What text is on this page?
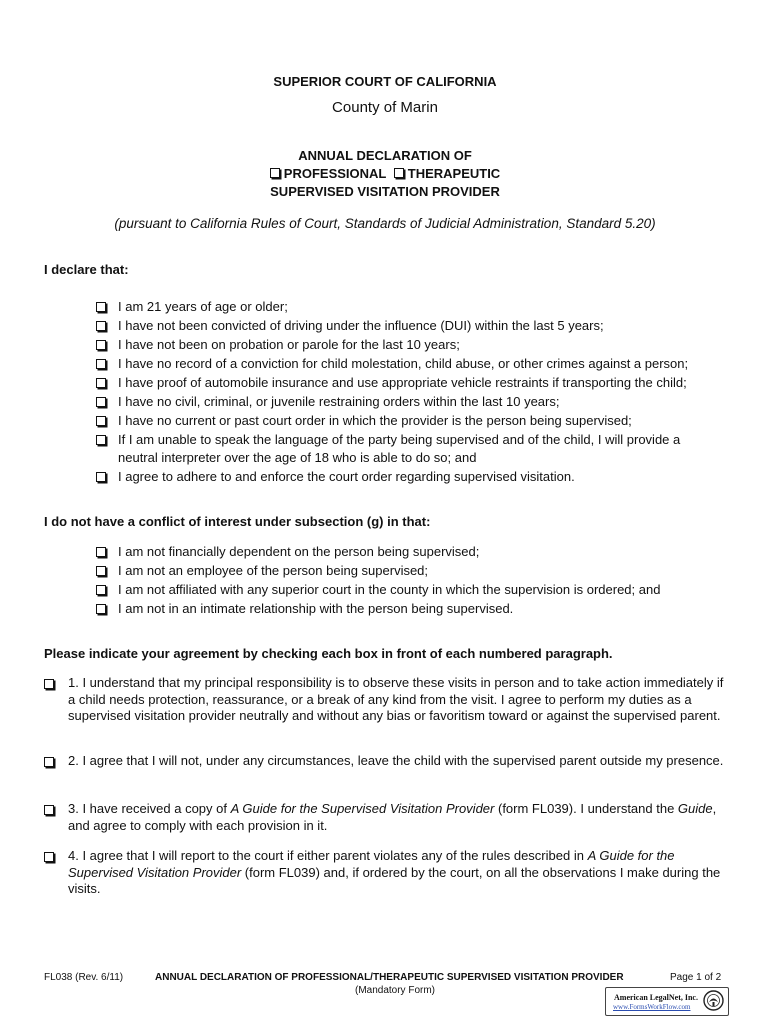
SUPERIOR COURT OF CALIFORNIA
County of Marin
ANNUAL DECLARATION OF
PROFESSIONAL THERAPEUTIC
SUPERVISED VISITATION PROVIDER
(pursuant to California Rules of Court, Standards of Judicial Administration, Standard 5.20)
I declare that:
I am 21 years of age or older;
I have not been convicted of driving under the influence (DUI) within the last 5 years;
I have not been on probation or parole for the last 10 years;
I have no record of a conviction for child molestation, child abuse, or other crimes against a person;
I have proof of automobile insurance and use appropriate vehicle restraints if transporting the child;
I have no civil, criminal, or juvenile restraining orders within the last 10 years;
I have no current or past court order in which the provider is the person being supervised;
If I am unable to speak the language of the party being supervised and of the child, I will provide a neutral interpreter over the age of 18 who is able to do so; and
I agree to adhere to and enforce the court order regarding supervised visitation.
I do not have a conflict of interest under subsection (g) in that:
I am not financially dependent on the person being supervised;
I am not an employee of the person being supervised;
I am not affiliated with any superior court in the county in which the supervision is ordered; and
I am not in an intimate relationship with the person being supervised.
Please indicate your agreement by checking each box in front of each numbered paragraph.
1. I understand that my principal responsibility is to observe these visits in person and to take action immediately if a child needs protection, reassurance, or a break of any kind from the visit. I agree to perform my duties as a supervised visitation provider neutrally and without any bias or favoritism toward or against the supervised parent.
2. I agree that I will not, under any circumstances, leave the child with the supervised parent outside my presence.
3. I have received a copy of A Guide for the Supervised Visitation Provider (form FL039). I understand the Guide, and agree to comply with each provision in it.
4. I agree that I will report to the court if either parent violates any of the rules described in A Guide for the Supervised Visitation Provider (form FL039) and, if ordered by the court, on all the observations I make during the visits.
FL038 (Rev. 6/11)	ANNUAL DECLARATION OF PROFESSIONAL/THERAPEUTIC SUPERVISED VISITATION PROVIDER
(Mandatory Form)
Page 1 of 2
American LegalNet, Inc.
www.FormsWorkFlow.com
